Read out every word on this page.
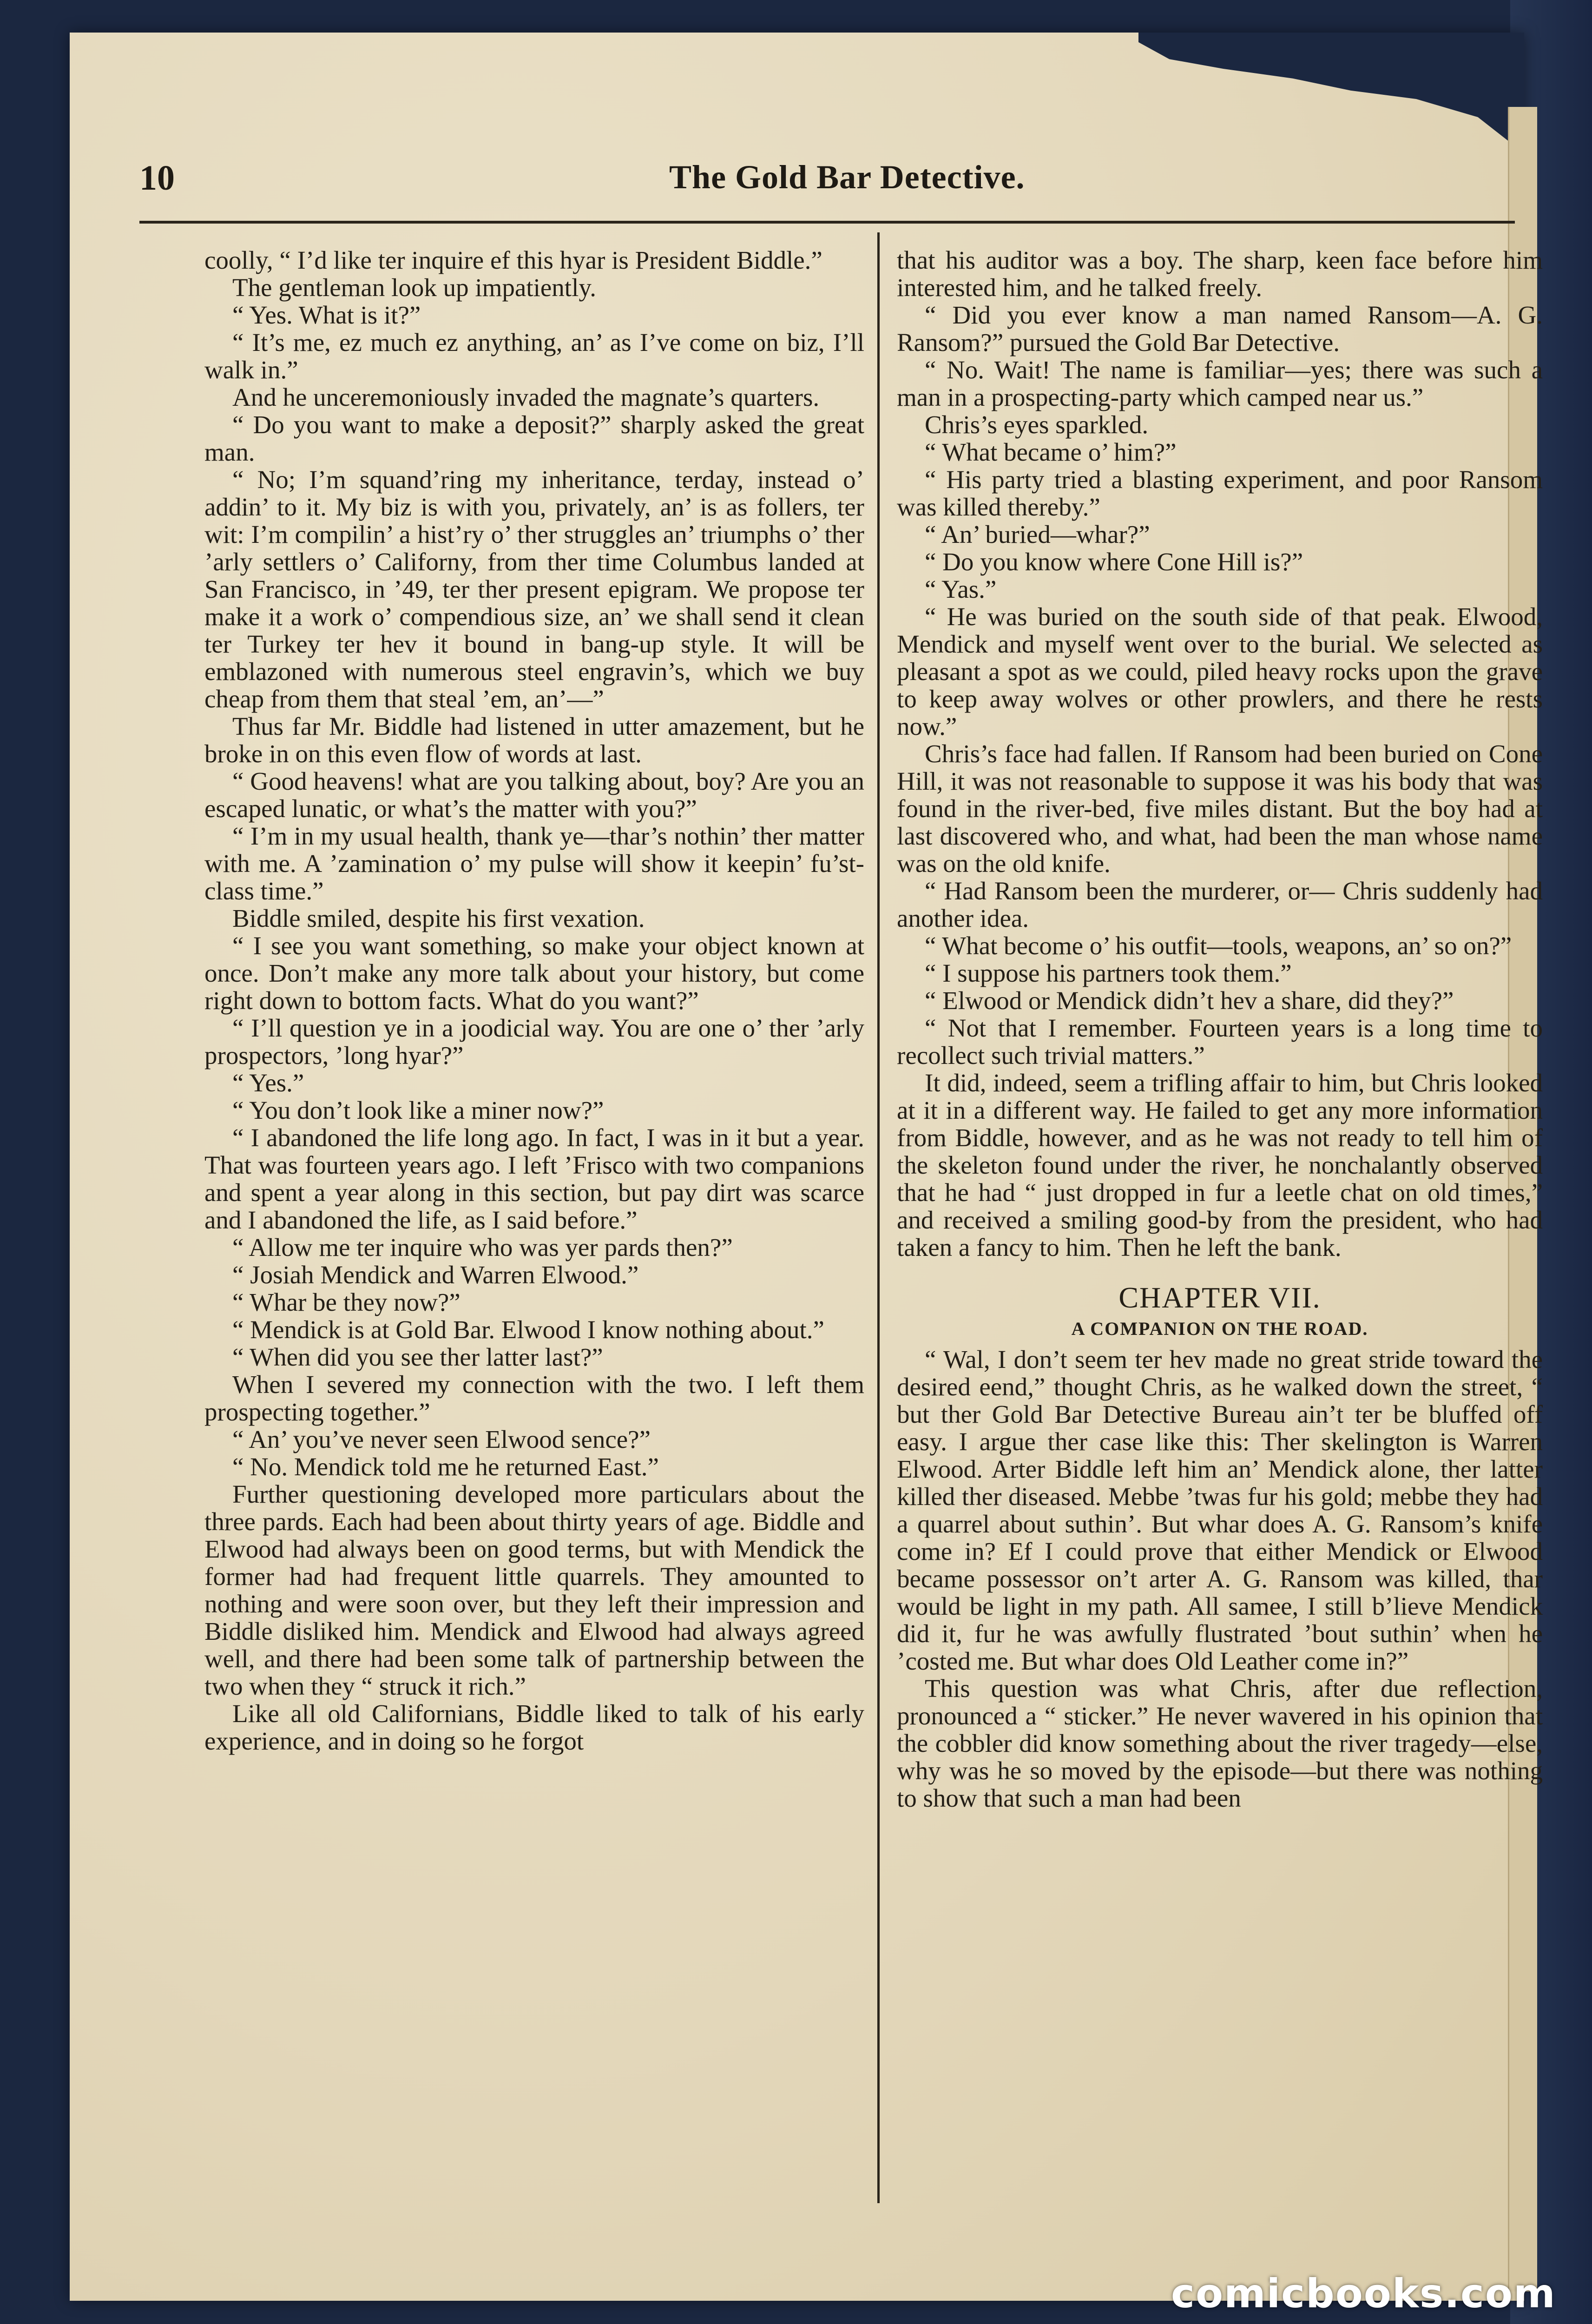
10	The Gold Bar Detective.

coolly, “ I’d like ter inquire ef this hyar is President Biddle.”

The gentleman look up impatiently.

“ Yes. What is it?”

“ It’s me, ez much ez anything, an’ as I’ve come on biz, I’ll walk in.”

And he unceremoniously invaded the magnate’s quarters.

“ Do you want to make a deposit?” sharply asked the great man.

“ No; I’m squand’ring my inheritance, terday, instead o’ addin’ to it. My biz is with you, privately, an’ is as follers, ter wit: I’m compilin’ a hist’ry o’ ther struggles an’ triumphs o’ ther ’arly settlers o’ Californy, from ther time Columbus landed at San Francisco, in ’49, ter ther present epigram. We propose ter make it a work o’ compendious size, an’ we shall send it clean ter Turkey ter hev it bound in bang-up style. It will be emblazoned with numerous steel engravin’s, which we buy cheap from them that steal ’em, an’—”

Thus far Mr. Biddle had listened in utter amazement, but he broke in on this even flow of words at last.

“ Good heavens! what are you talking about, boy? Are you an escaped lunatic, or what’s the matter with you?”

“ I’m in my usual health, thank ye—thar’s nothin’ ther matter with me. A ’zamination o’ my pulse will show it keepin’ fu’st-class time.”

Biddle smiled, despite his first vexation.

“ I see you want something, so make your object known at once. Don’t make any more talk about your history, but come right down to bottom facts. What do you want?”

“ I’ll question ye in a joodicial way. You are one o’ ther ’arly prospectors, ’long hyar?”

“ Yes.”

“ You don’t look like a miner now?”

“ I abandoned the life long ago. In fact, I was in it but a year. That was fourteen years ago. I left ’Frisco with two companions and spent a year along in this section, but pay dirt was scarce and I abandoned the life, as I said before.”

“ Allow me ter inquire who was yer pards then?”

“ Josiah Mendick and Warren Elwood.”

“ Whar be they now?”

“ Mendick is at Gold Bar. Elwood I know nothing about.”

“ When did you see ther latter last?”

When I severed my connection with the two. I left them prospecting together.”

“ An’ you’ve never seen Elwood sence?”

“ No. Mendick told me he returned East.”

Further questioning developed more particulars about the three pards. Each had been about thirty years of age. Biddle and Elwood had always been on good terms, but with Mendick the former had had frequent little quarrels. They amounted to nothing and were soon over, but they left their impression and Biddle disliked him. Mendick and Elwood had always agreed well, and there had been some talk of partnership between the two when they “ struck it rich.”

Like all old Californians, Biddle liked to talk of his early experience, and in doing so he forgot

that his auditor was a boy. The sharp, keen face before him interested him, and he talked freely.

“ Did you ever know a man named Ransom—A. G. Ransom?” pursued the Gold Bar Detective.

“ No. Wait! The name is familiar—yes; there was such a man in a prospecting-party which camped near us.”

Chris’s eyes sparkled.

“ What became o’ him?”

“ His party tried a blasting experiment, and poor Ransom was killed thereby.”

“ An’ buried—whar?”

“ Do you know where Cone Hill is?”

“ Yas.”

“ He was buried on the south side of that peak. Elwood, Mendick and myself went over to the burial. We selected as pleasant a spot as we could, piled heavy rocks upon the grave to keep away wolves or other prowlers, and there he rests now.”

Chris’s face had fallen. If Ransom had been buried on Cone Hill, it was not reasonable to suppose it was his body that was found in the river-bed, five miles distant. But the boy had at last discovered who, and what, had been the man whose name was on the old knife.

“ Had Ransom been the murderer, or— Chris suddenly had another idea.

“ What become o’ his outfit—tools, weapons, an’ so on?”

“ I suppose his partners took them.”

“ Elwood or Mendick didn’t hev a share, did they?”

“ Not that I remember. Fourteen years is a long time to recollect such trivial matters.”

It did, indeed, seem a trifling affair to him, but Chris looked at it in a different way. He failed to get any more information from Biddle, however, and as he was not ready to tell him of the skeleton found under the river, he nonchalantly observed that he had “ just dropped in fur a leetle chat on old times,” and received a smiling good-by from the president, who had taken a fancy to him. Then he left the bank.

CHAPTER VII.
A COMPANION ON THE ROAD.

“ Wal, I don’t seem ter hev made no great stride toward the desired eend,” thought Chris, as he walked down the street, “ but ther Gold Bar Detective Bureau ain’t ter be bluffed off easy. I argue ther case like this: Ther skelington is Warren Elwood. Arter Biddle left him an’ Mendick alone, ther latter killed ther diseased. Mebbe ’twas fur his gold; mebbe they had a quarrel about suthin’. But whar does A. G. Ransom’s knife come in? Ef I could prove that either Mendick or Elwood became possessor on’t arter A. G. Ransom was killed, thar would be light in my path. All samee, I still b’lieve Mendick did it, fur he was awfully flustrated ’bout suthin’ when he ’costed me. But whar does Old Leather come in?”

This question was what Chris, after due reflection, pronounced a “ sticker.” He never wavered in his opinion that the cobbler did know something about the river tragedy—else, why was he so moved by the episode—but there was nothing to show that such a man had been

comicbooks.com
